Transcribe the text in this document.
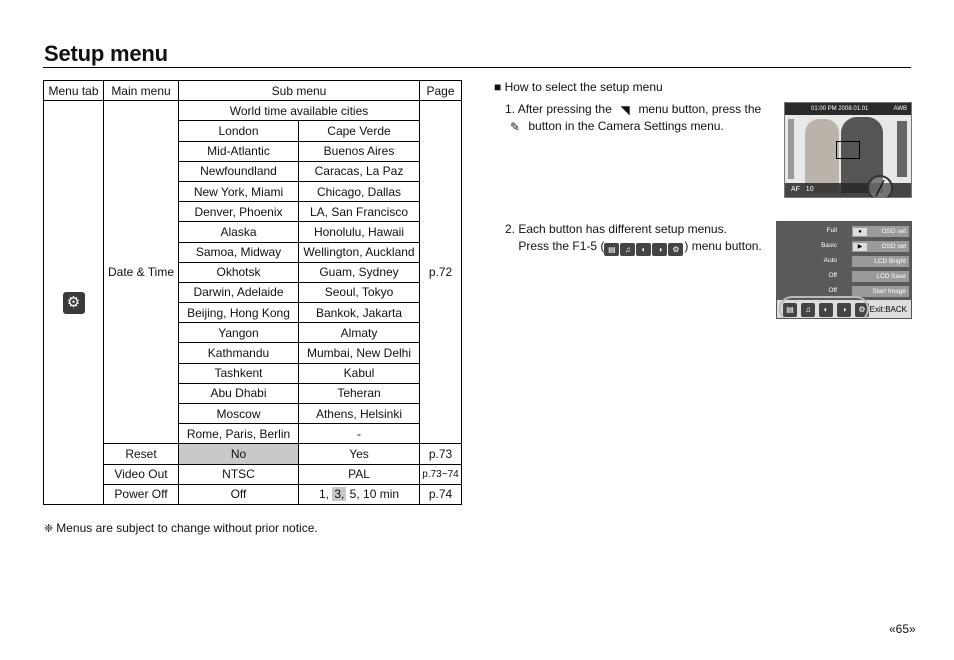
Setup menu
Menu tab	Main menu	Sub menu		Page
⚙	Date & Time	World time available cities		p.72
		London	Cape Verde	
		Mid-Atlantic	Buenos Aires	
		Newfoundland	Caracas, La Paz	
		New York, Miami	Chicago, Dallas	
		Denver, Phoenix	LA, San Francisco	
		Alaska	Honolulu, Hawaii	
		Samoa, Midway	Wellington, Auckland	
		Okhotsk	Guam, Sydney	
		Darwin, Adelaide	Seoul, Tokyo	
		Beijing, Hong Kong	Bankok, Jakarta	
		Yangon	Almaty	
		Kathmandu	Mumbai, New Delhi	
		Tashkent	Kabul	
		Abu Dhabi	Teheran	
		Moscow	Athens, Helsinki	
		Rome, Paris, Berlin	-	
	Reset	No	Yes	p.73
	Video Out	NTSC	PAL	p.73~74
	Power Off	Off	1, 3, 5, 10 min	p.74
❈ Menus are subject to change without prior notice.
■ How to select the setup menu
1. After pressing the ◥ menu button, press the
✎ button in the Camera Settings menu.
2. Each button has different setup menus.
Press the F1-5 ( ▤ ♫ ◐ ◑ ⚙ ) menu button.
01:00 PM 2008.01.01	AWB
AF 10	╱
Full	OSD set
●
Basic	OSD set
▶
Auto	LCD Bright
Off	LCD Save
Off	Start Image
▤	♫	◐	◑	⚙ Exit:BACK
«65»
